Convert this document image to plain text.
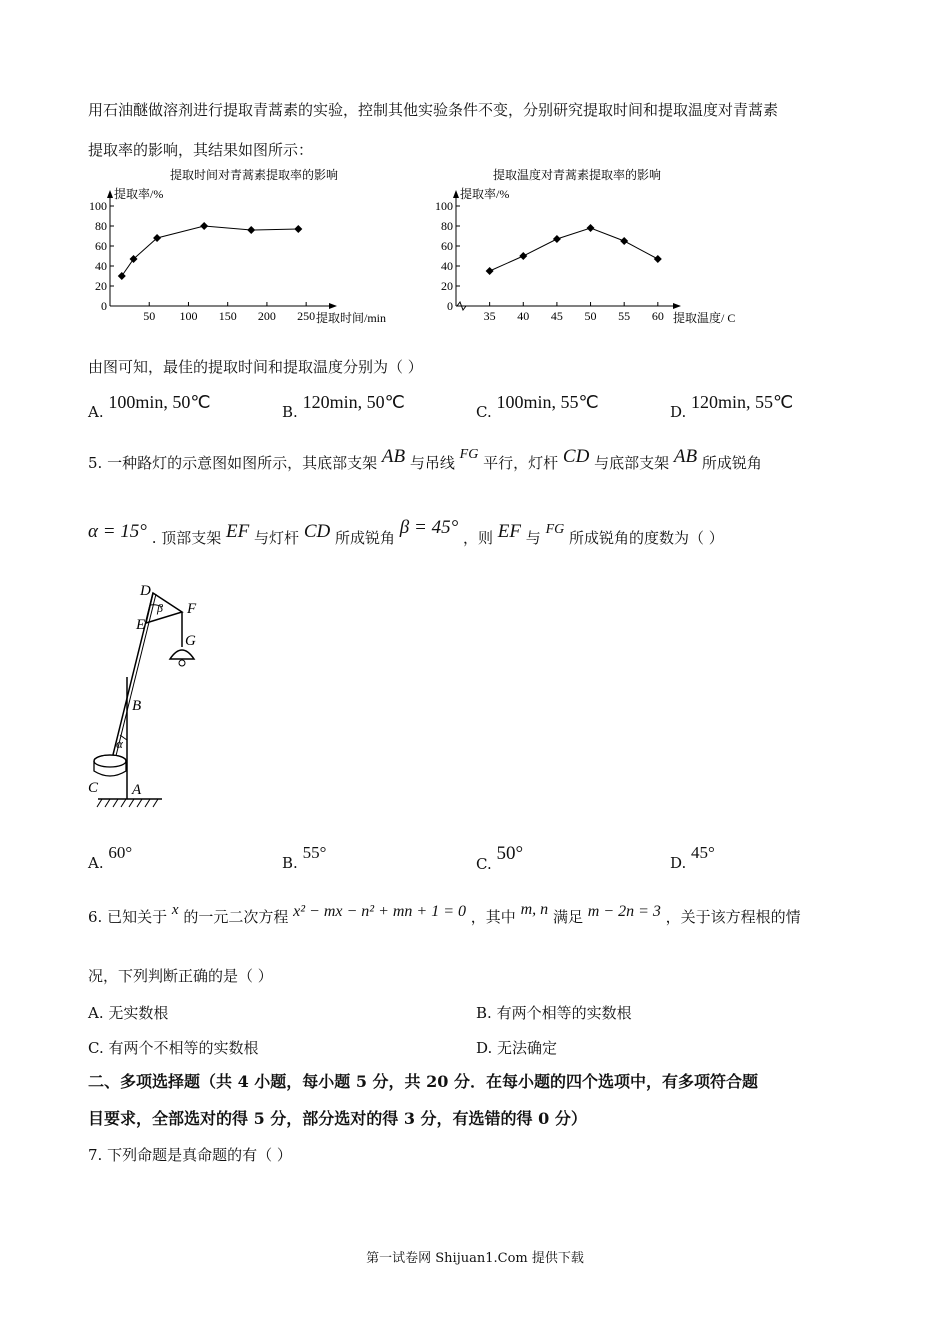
用石油醚做溶剂进行提取青蒿素的实验，控制其他实验条件不变，分别研究提取时间和提取温度对青蒿素
提取率的影响，其结果如图所示：
提取时间对青蒿素提取率的影响
提取率/%
提取时间/min
0
20
40
60
80
100
50 100 150 200 250
提取温度对青蒿素提取率的影响
提取率/%
提取温度/ C
0
20
40
60
80
100
35 40 45 50 55 60
由图可知，最佳的提取时间和提取温度分别为（ ）
A. 100min, 50℃	B. 120min, 50℃	C. 100min, 55℃	D. 120min, 55℃
5. 一种路灯的示意图如图所示，其底部支架 AB 与吊线 FG 平行，灯杆 CD 与底部支架 AB 所成锐角
α = 15° . 顶部支架 EF 与灯杆 CD 所成锐角 β = 45° ，则 EF 与 FG 所成锐角的度数为（ ）
D
F
E
G
B
α
β
C A
A. 60°
B. 55°
C. 50°	D. 45°
6. 已知关于 x 的一元二次方程 x² − mx − n² + mn + 1 = 0 ，其中 m, n 满足 m − 2n = 3 ，关于该方程根的情
况，下列判断正确的是（ ）
A. 无实数根	B. 有两个相等的实数根
C. 有两个不相等的实数根	D. 无法确定
二、多项选择题（共 4 小题，每小题 5 分，共 20 分．在每小题的四个选项中，有多项符合题
目要求，全部选对的得 5 分，部分选对的得 3 分，有选错的得 0 分）
7. 下列命题是真命题的有（ ）
第一试卷网 Shijuan1.Com 提供下载
